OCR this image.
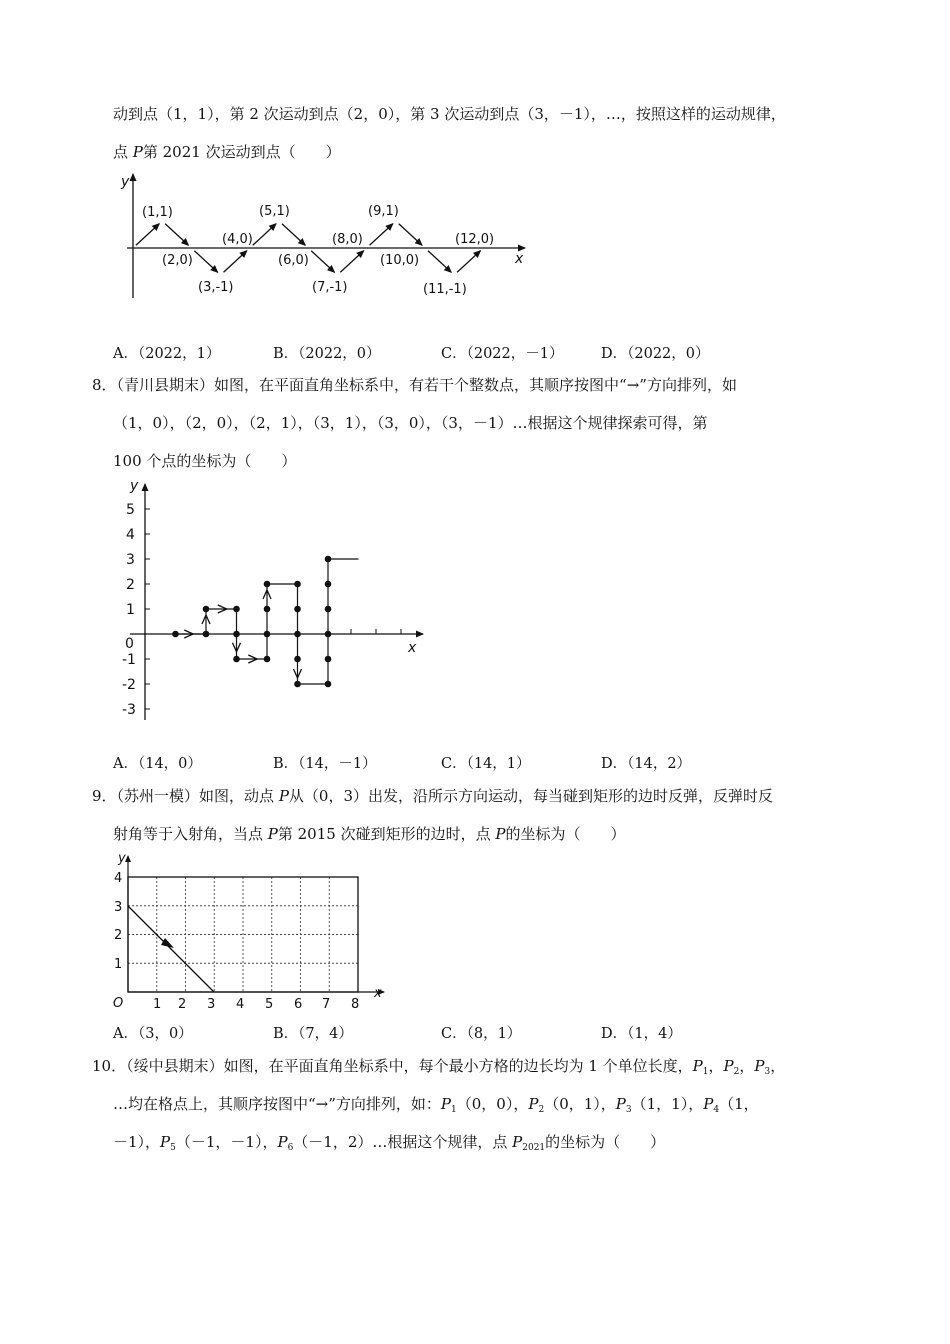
动到点（1，1），第 2 次运动到点（2，0），第 3 次运动到点（3，－1），…，按照这样的运动规律，
点 P第 2021 次运动到点（　　）
y
x
(1,1)
(2,0)
(3,-1)
(4,0)
(5,1)
(6,0)
(7,-1)
(8,0)
(9,1)
(10,0)
(11,-1)
(12,0)
A．（2022，1）	B．（2022，0）	C．（2022，－1）	D．（2022，0）
8．（青川县期末）如图，在平面直角坐标系中，有若干个整数点，其顺序按图中“→”方向排列，如
（1，0），（2，0），（2，1），（3，1），（3，0），（3，－1）…根据这个规律探索可得，第
100 个点的坐标为（　　）
y
x
0
5
4
3
2
1
-1
-2
-3
A．（14，0）	B．（14，－1）	C．（14，1）	D．（14，2）
9．（苏州一模）如图，动点 P从（0，3）出发，沿所示方向运动，每当碰到矩形的边时反弹，反弹时反
射角等于入射角，当点 P第 2015 次碰到矩形的边时，点 P的坐标为（　　）
y
x
O 1 2 3 4 5 6 7 8
4
3
2
1
A．（3，0）	B．（7，4）	C．（8，1）	D．（1，4）
10．（绥中县期末）如图，在平面直角坐标系中，每个最小方格的边长均为 1 个单位长度，$P_1$，$P_2$，$P_3$，
…均在格点上，其顺序按图中“→”方向排列，如：$P_1(0$，0），$P_2(0$，1），$P_3(1$，1），$P_4(1$，
－1），$P_5(-1$，－1），$P_6(-1$，2）…根据这个规律，点 $P_{2021}$的坐标为（　　）
